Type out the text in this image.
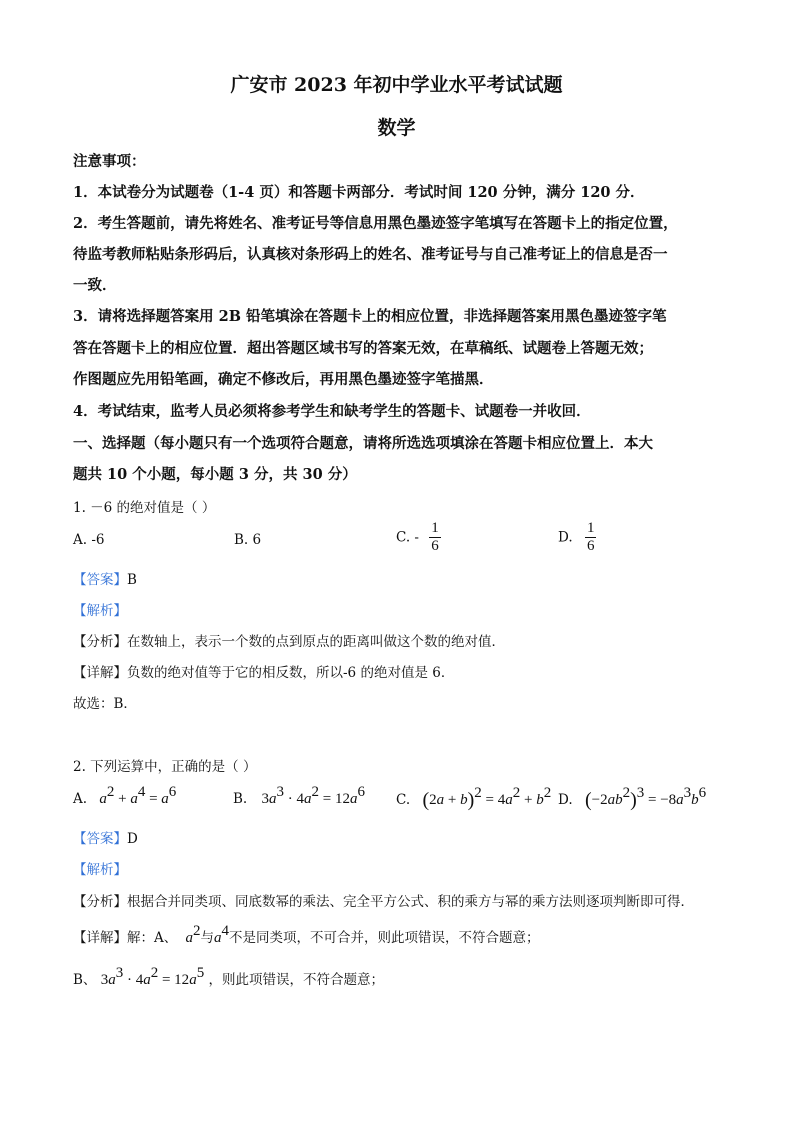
广安市 2023 年初中学业水平考试试题
数学
注意事项：
1．本试卷分为试题卷（1-4 页）和答题卡两部分．考试时间 120 分钟，满分 120 分．
2．考生答题前，请先将姓名、准考证号等信息用黑色墨迹签字笔填写在答题卡上的指定位置，
待监考教师粘贴条形码后，认真核对条形码上的姓名、准考证号与自己准考证上的信息是否一
一致．
3．请将选择题答案用 2B 铅笔填涂在答题卡上的相应位置，非选择题答案用黑色墨迹签字笔
答在答题卡上的相应位置．超出答题区域书写的答案无效，在草稿纸、试题卷上答题无效；
作图题应先用铅笔画，确定不修改后，再用黑色墨迹签字笔描黑．
4．考试结束，监考人员必须将参考学生和缺考学生的答题卡、试题卷一并收回．
一、选择题（每小题只有一个选项符合题意，请将所选选项填涂在答题卡相应位置上．本大
题共 10 个小题，每小题 3 分，共 30 分）
1. －6 的绝对值是（ ）
A. -6	B. 6	C. - $\frac{1}{6}$	D. $\frac{1}{6}$
【答案】B
【解析】
【分析】在数轴上，表示一个数的点到原点的距离叫做这个数的绝对值．
【详解】负数的绝对值等于它的相反数，所以-6 的绝对值是 6．
故选：B．
2. 下列运算中，正确的是（ ）
A. $a^2 + a^4 = a^6$	B. $3a^3 \cdot 4a^2 = 12a^6$ C. $(2a + b)^2 = 4a^2 + b^2$ D. $(-2ab^2)^3 = -8a^3b^6$
【答案】D
【解析】
【分析】根据合并同类项、同底数幂的乘法、完全平方公式、积的乘方与幂的乘方法则逐项判断即可得．
【详解】解：A、 $a^2$与$a^4$不是同类项，不可合并，则此项错误，不符合题意；
B、 $3a^3 \cdot 4a^2 = 12a^5$ ，则此项错误，不符合题意；
